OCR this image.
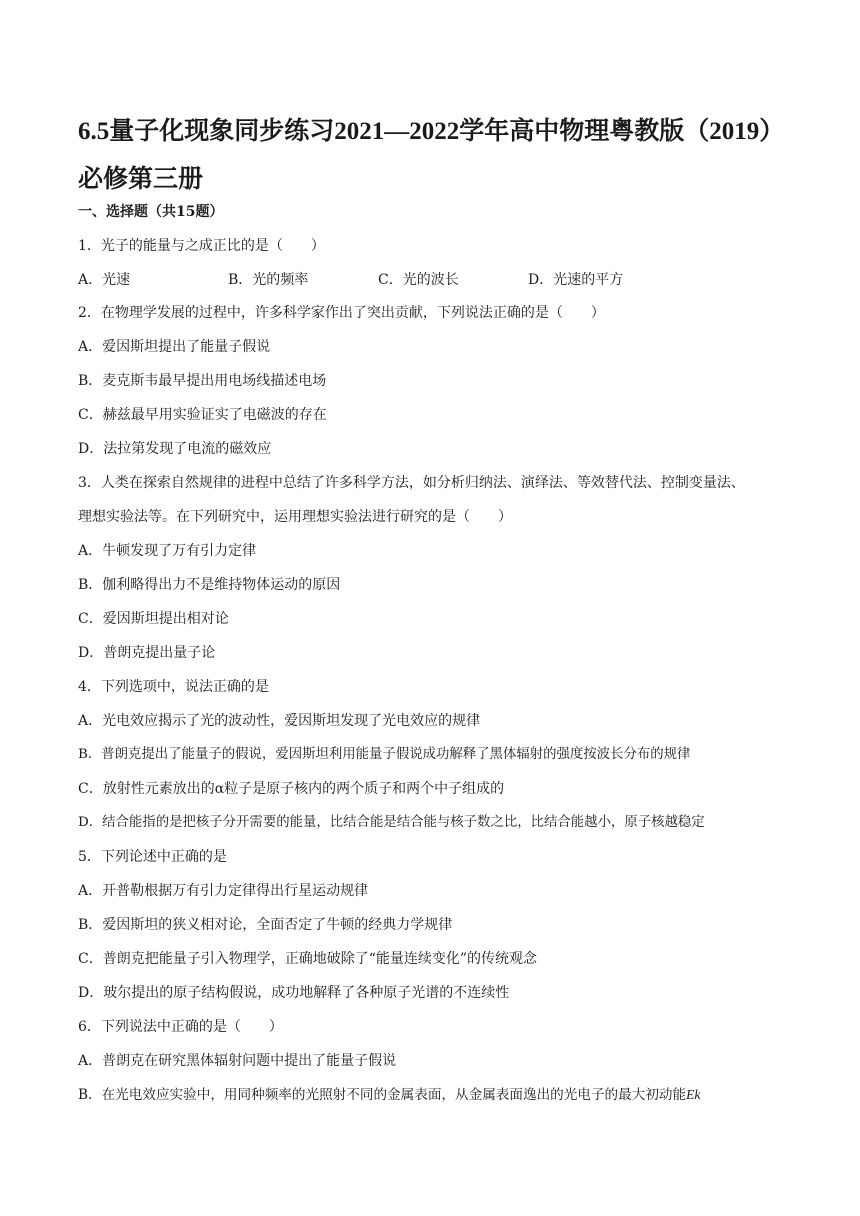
6.5量子化现象同步练习2021—2022学年高中物理粤教版（2019）必修第三册
一、选择题（共15题）
1．光子的能量与之成正比的是（　　）
A．光速	B．光的频率	C．光的波长	D．光速的平方
2．在物理学发展的过程中，许多科学家作出了突出贡献，下列说法正确的是（　　）
A．爱因斯坦提出了能量子假说
B．麦克斯韦最早提出用电场线描述电场
C．赫兹最早用实验证实了电磁波的存在
D．法拉第发现了电流的磁效应
3．人类在探索自然规律的进程中总结了许多科学方法，如分析归纳法、演绎法、等效替代法、控制变量法、
理想实验法等。在下列研究中，运用理想实验法进行研究的是（　　）
A．牛顿发现了万有引力定律
B．伽利略得出力不是维持物体运动的原因
C．爱因斯坦提出相对论
D．普朗克提出量子论
4．下列选项中，说法正确的是
A．光电效应揭示了光的波动性，爱因斯坦发现了光电效应的规律
B．普朗克提出了能量子的假说，爱因斯坦利用能量子假说成功解释了黑体辐射的强度按波长分布的规律
C．放射性元素放出的α粒子是原子核内的两个质子和两个中子组成的
D．结合能指的是把核子分开需要的能量，比结合能是结合能与核子数之比，比结合能越小，原子核越稳定
5．下列论述中正确的是
A．开普勒根据万有引力定律得出行星运动规律
B．爱因斯坦的狭义相对论，全面否定了牛顿的经典力学规律
C．普朗克把能量子引入物理学，正确地破除了“能量连续变化”的传统观念
D．玻尔提出的原子结构假说，成功地解释了各种原子光谱的不连续性
6．下列说法中正确的是（　　）
A．普朗克在研究黑体辐射问题中提出了能量子假说
B．在光电效应实验中，用同种频率的光照射不同的金属表面，从金属表面逸出的光电子的最大初动能Ek
